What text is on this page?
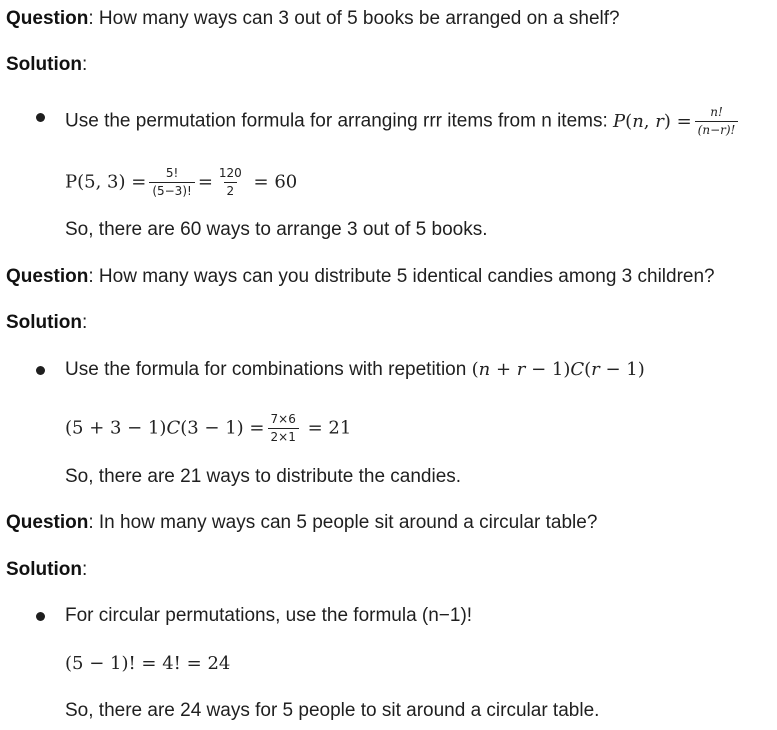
Question: How many ways can 3 out of 5 books be arranged on a shelf?
Solution:
Use the permutation formula for arranging rrr items from n items: P(n, $r) = \frac{n!}{(n-r)!}$
P(5, $3) = \frac{5!}{(5-3)!} = \frac{120}{2} = 60$
So, there are 60 ways to arrange 3 out of 5 books.
Question: How many ways can you distribute 5 identical candies among 3 children?
Solution:
Use the formula for combinations with repetition (n + r − 1)C(r − 1)
$(5 + 3 - 1)C(3 - 1) = \frac{7\times 6}{2\times 1} = 21$
So, there are 21 ways to distribute the candies.
Question: In how many ways can 5 people sit around a circular table?
Solution:
For circular permutations, use the formula (n−1)!
(5 − 1)! = 4! = 24
So, there are 24 ways for 5 people to sit around a circular table.
